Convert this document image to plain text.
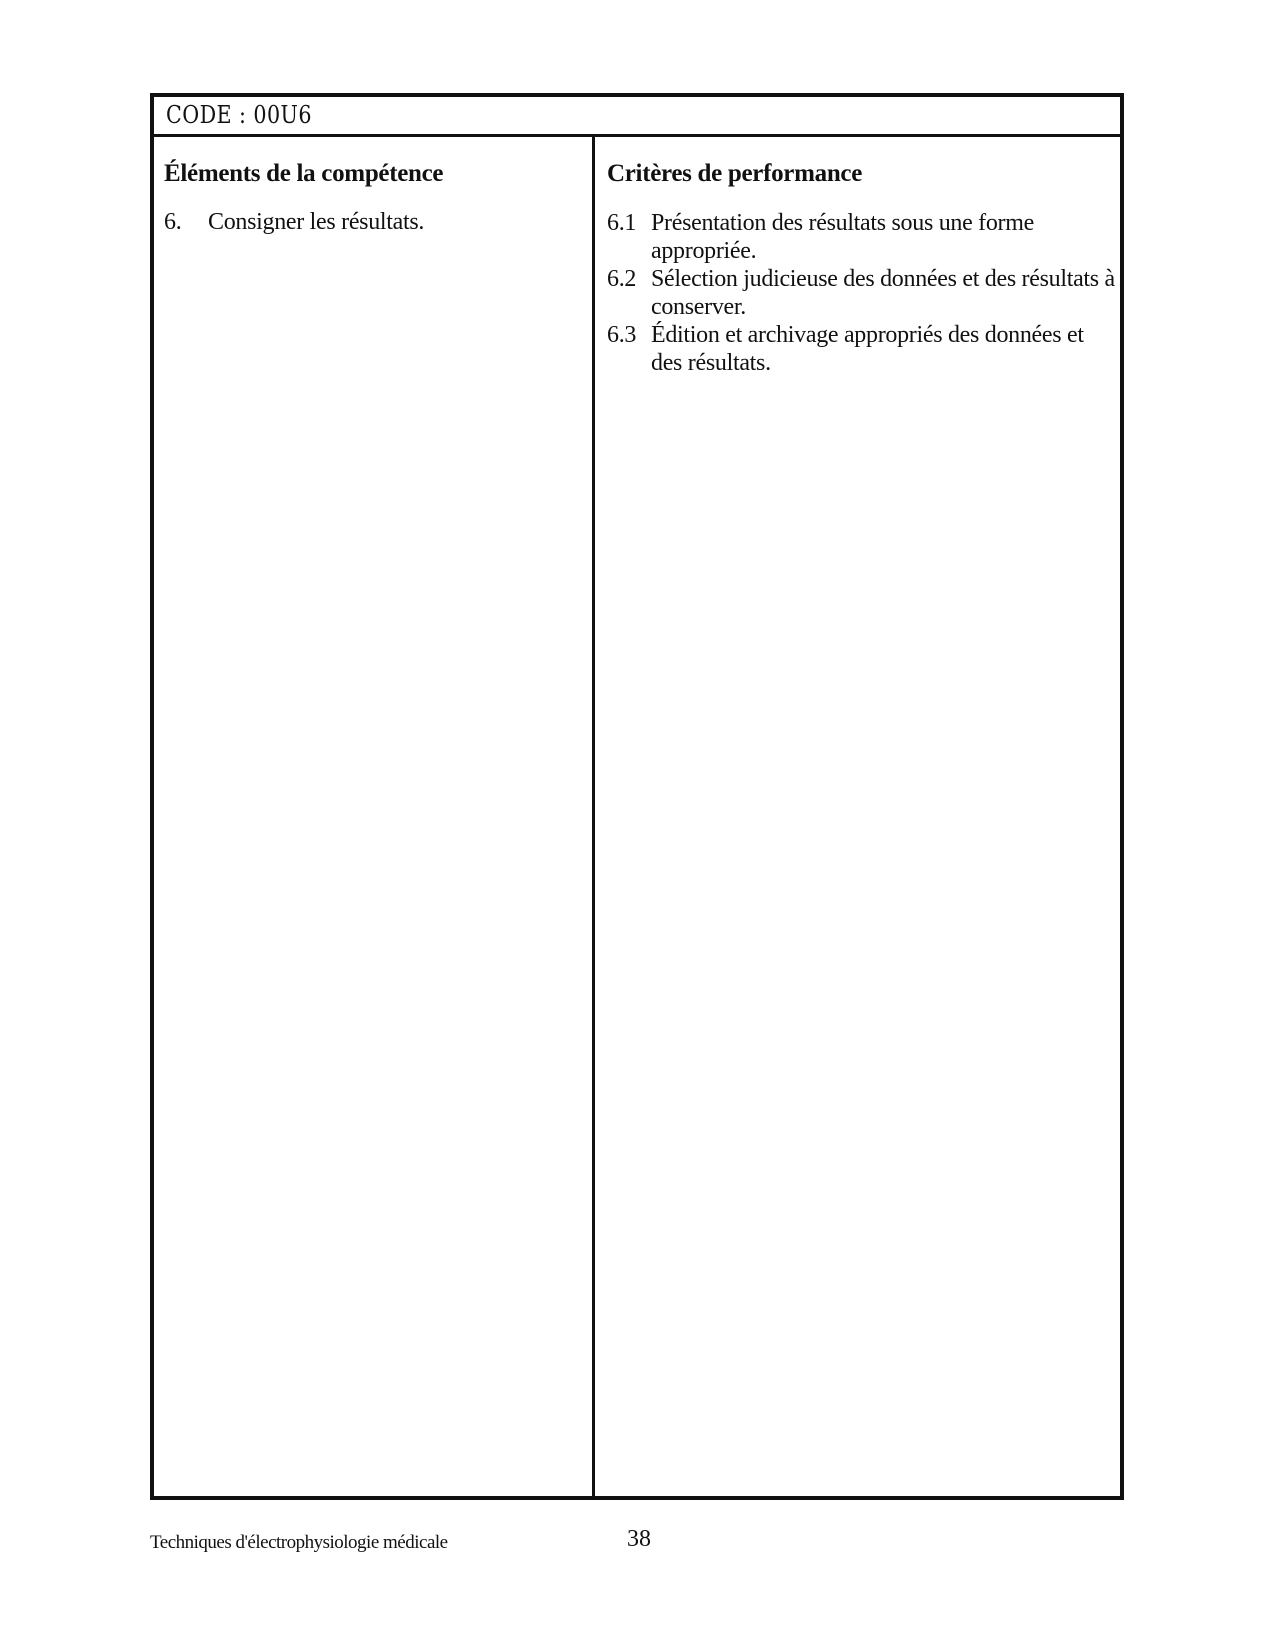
CODE : 00U6
Éléments de la compétence
6.	Consigner les résultats.
Critères de performance
6.1 Présentation des résultats sous une forme appropriée.
6.2 Sélection judicieuse des données et des résultats à conserver.
6.3 Édition et archivage appropriés des données et des résultats.
Techniques d'électrophysiologie médicale	38
